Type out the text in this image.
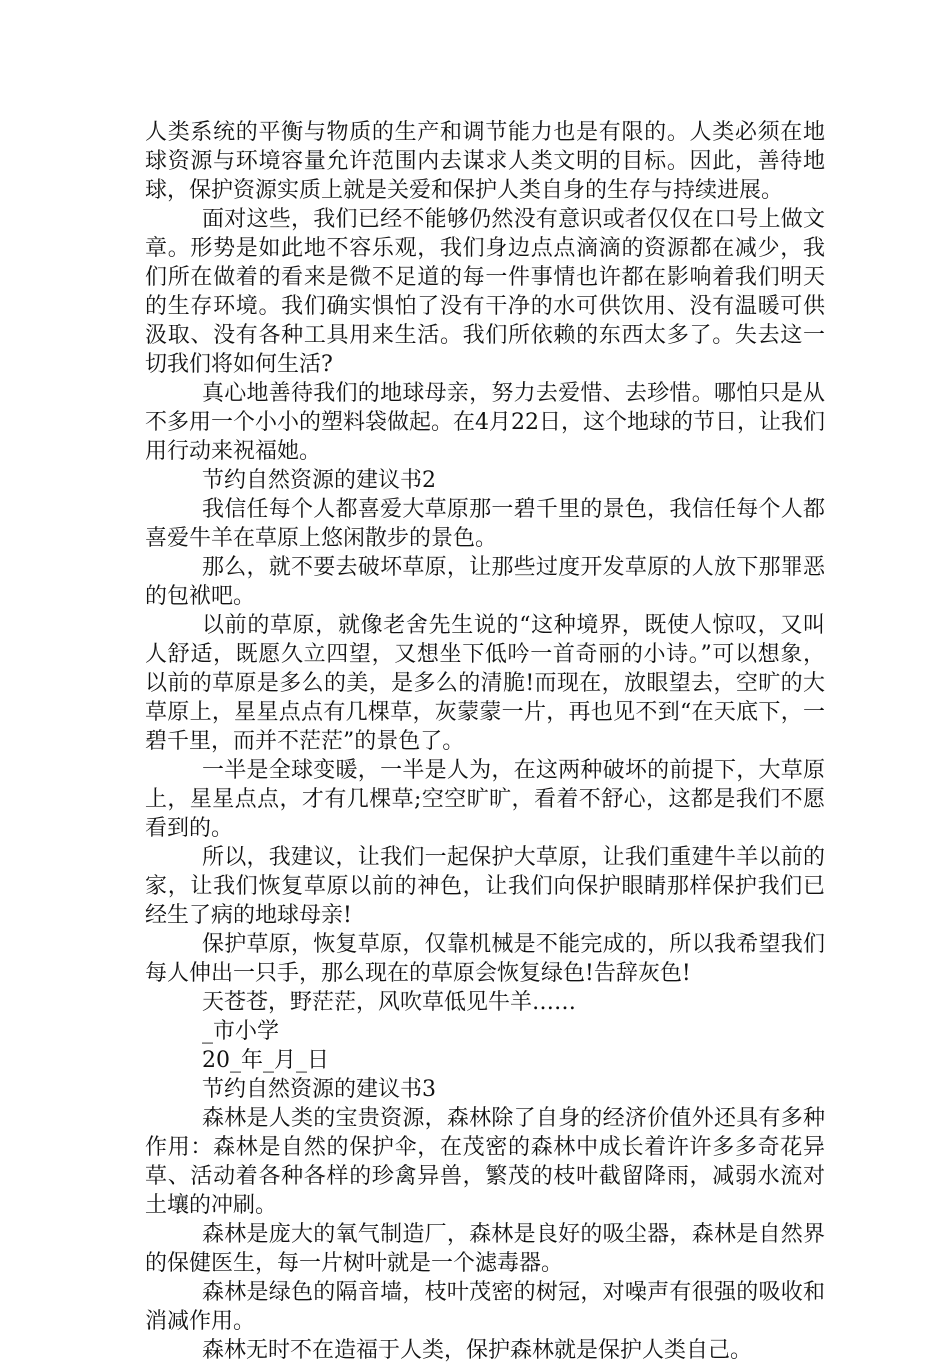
人类系统的平衡与物质的生产和调节能力也是有限的。人类必须在地球资源与环境容量允许范围内去谋求人类文明的目标。因此，善待地球，保护资源实质上就是关爱和保护人类自身的生存与持续进展。

面对这些，我们已经不能够仍然没有意识或者仅仅在口号上做文章。形势是如此地不容乐观，我们身边点点滴滴的资源都在减少，我们所在做着的看来是微不足道的每一件事情也许都在影响着我们明天的生存环境。我们确实惧怕了没有干净的水可供饮用、没有温暖可供汲取、没有各种工具用来生活。我们所依赖的东西太多了。失去这一切我们将如何生活?

真心地善待我们的地球母亲，努力去爱惜、去珍惜。哪怕只是从不多用一个小小的塑料袋做起。在4月22日，这个地球的节日，让我们用行动来祝福她。

节约自然资源的建议书2

我信任每个人都喜爱大草原那一碧千里的景色，我信任每个人都喜爱牛羊在草原上悠闲散步的景色。

那么，就不要去破坏草原，让那些过度开发草原的人放下那罪恶的包袱吧。

以前的草原，就像老舍先生说的“这种境界，既使人惊叹，又叫人舒适，既愿久立四望，又想坐下低吟一首奇丽的小诗。”可以想象，以前的草原是多么的美，是多么的清脆!而现在，放眼望去，空旷的大草原上，星星点点有几棵草，灰蒙蒙一片，再也见不到“在天底下，一碧千里，而并不茫茫”的景色了。

一半是全球变暖，一半是人为，在这两种破坏的前提下，大草原上，星星点点，才有几棵草;空空旷旷，看着不舒心，这都是我们不愿看到的。

所以，我建议，让我们一起保护大草原，让我们重建牛羊以前的家，让我们恢复草原以前的神色，让我们向保护眼睛那样保护我们已经生了病的地球母亲!

保护草原，恢复草原，仅靠机械是不能完成的，所以我希望我们每人伸出一只手，那么现在的草原会恢复绿色!告辞灰色!

天苍苍，野茫茫，风吹草低见牛羊……

_市小学

20_年_月_日

节约自然资源的建议书3

森林是人类的宝贵资源，森林除了自身的经济价值外还具有多种作用：森林是自然的保护伞，在茂密的森林中成长着许许多多奇花异草、活动着各种各样的珍禽异兽，繁茂的枝叶截留降雨，减弱水流对土壤的冲刷。

森林是庞大的氧气制造厂，森林是良好的吸尘器，森林是自然界的保健医生，每一片树叶就是一个滤毒器。

森林是绿色的隔音墙，枝叶茂密的树冠，对噪声有很强的吸收和消减作用。

森林无时不在造福于人类，保护森林就是保护人类自己。
